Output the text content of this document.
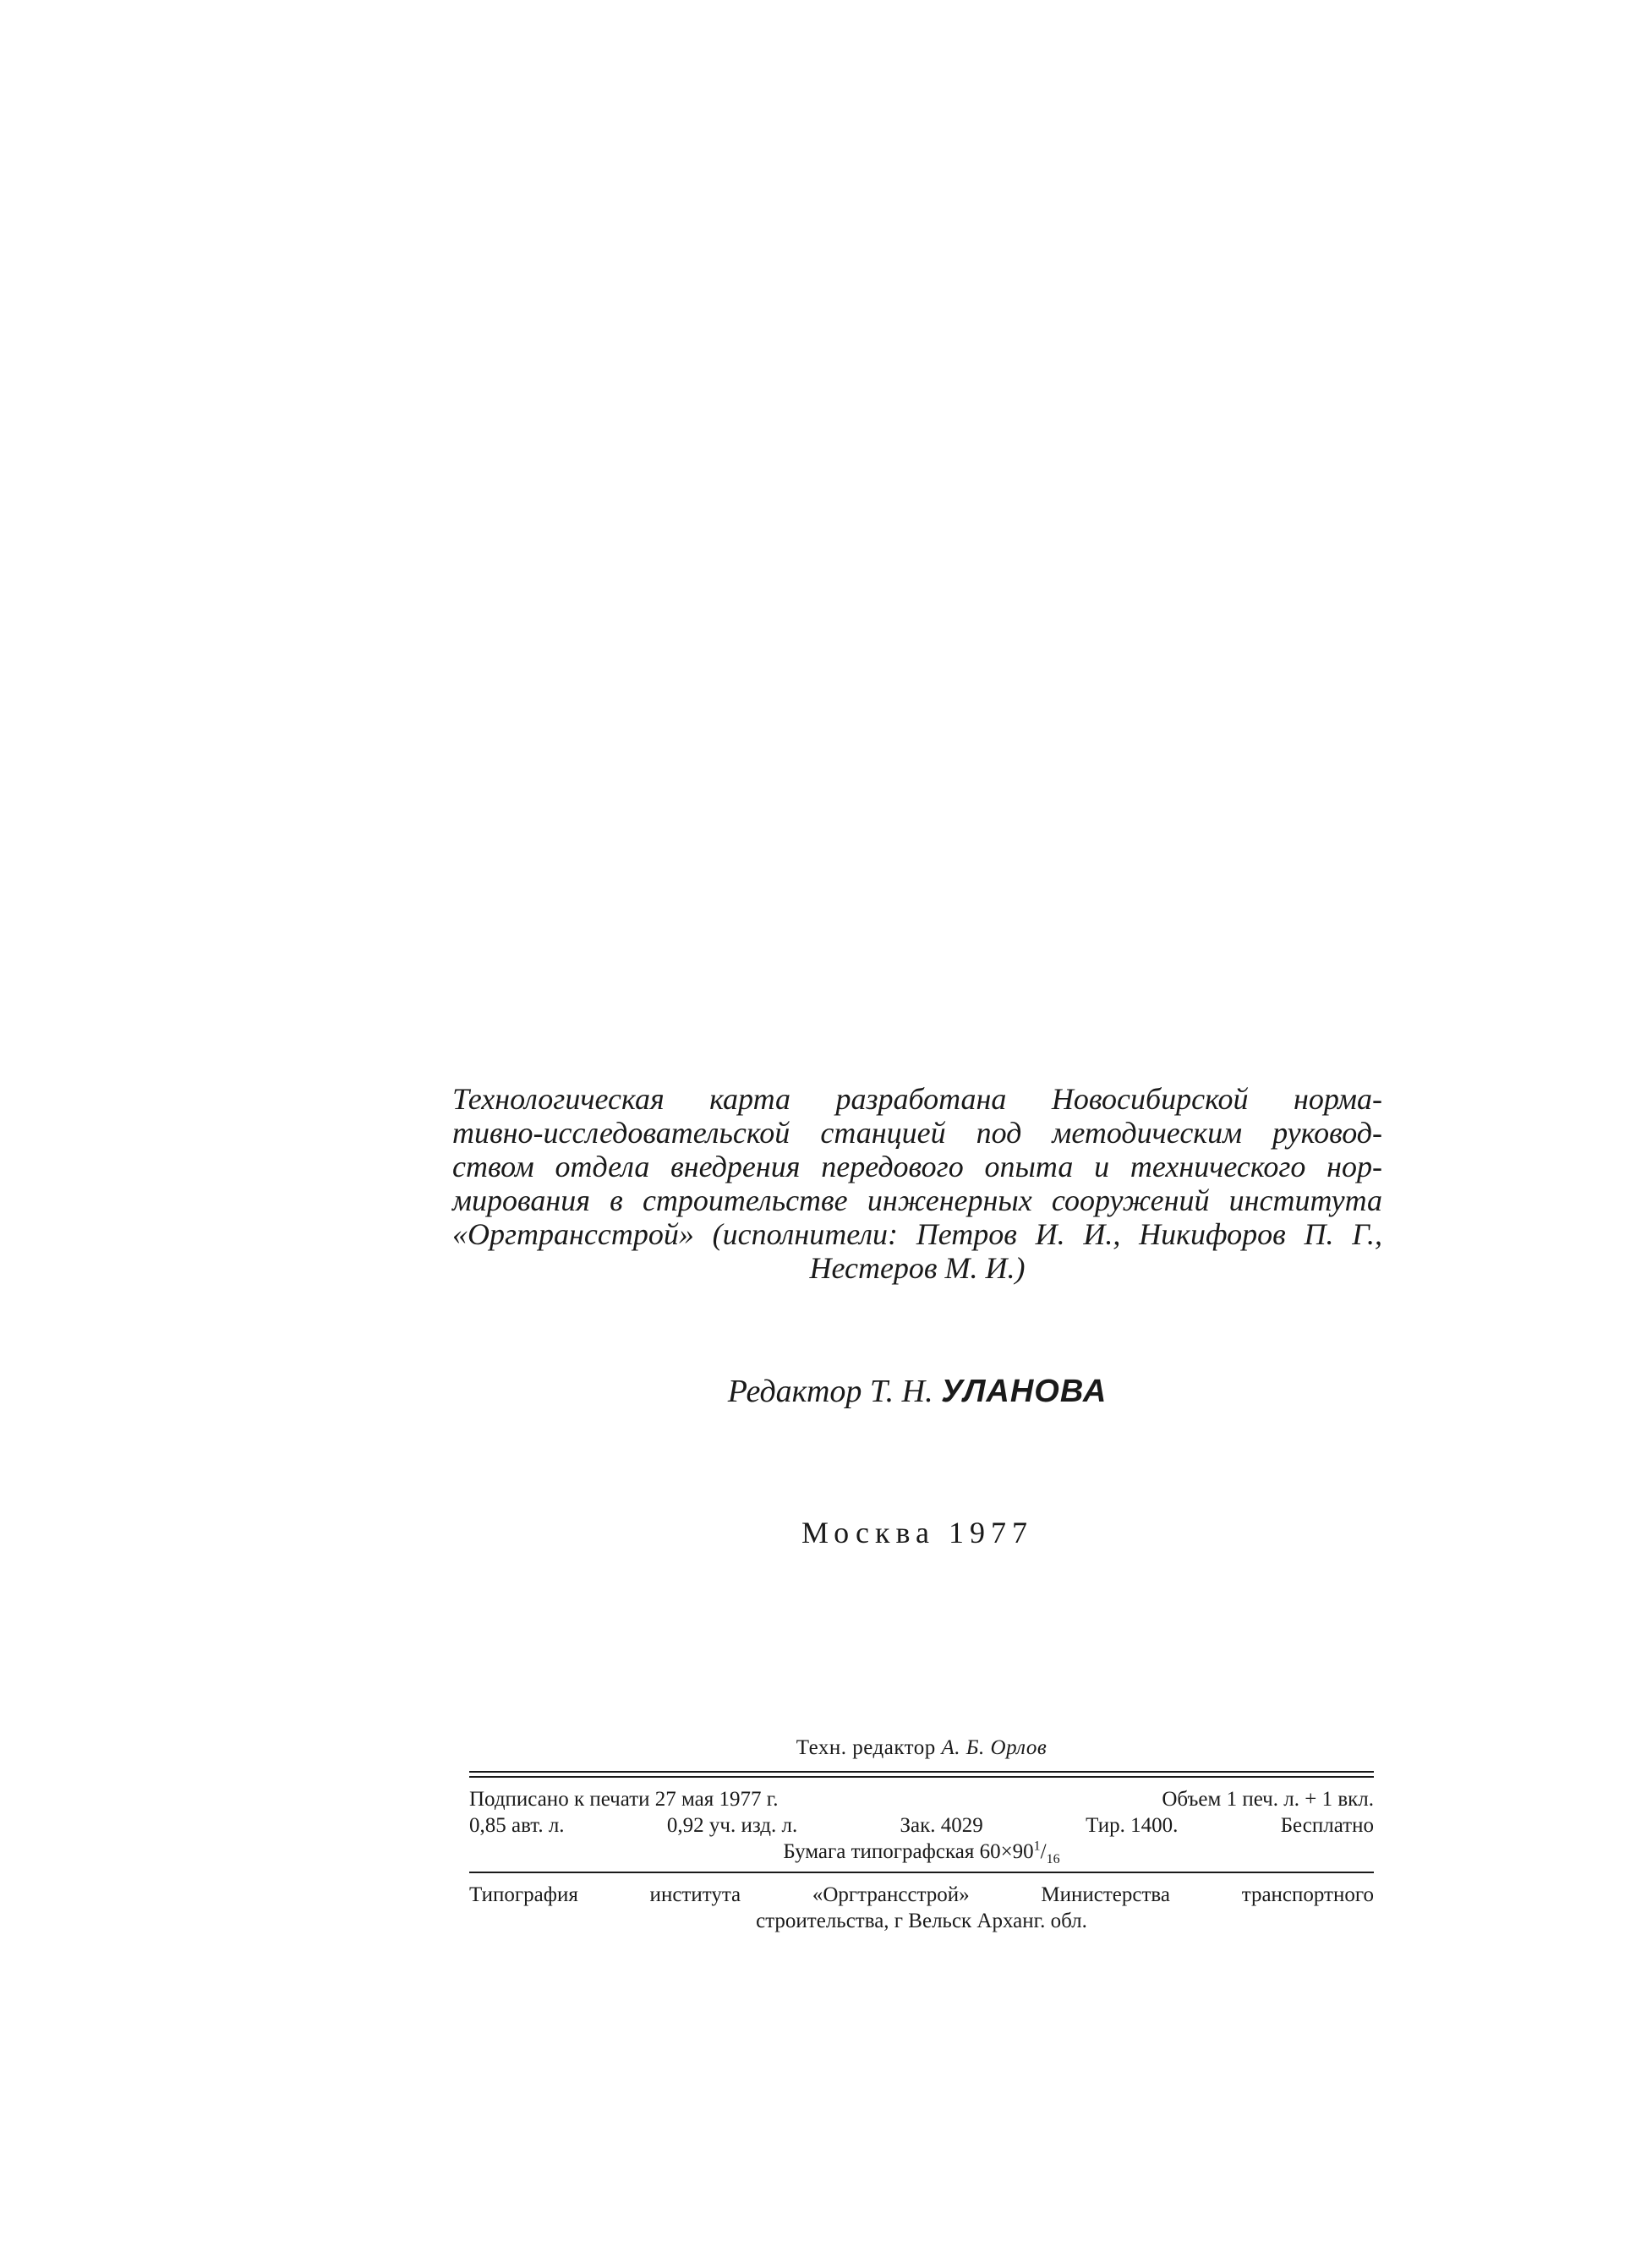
Технологическая карта разработана Новосибирской норма-
тивно-исследовательской станцией под методическим руковод-
ством отдела внедрения передового опыта и технического нор-
мирования в строительстве инженерных сооружений института
«Оргтрансстрой» (исполнители: Петров И. И., Никифоров П. Г.,
Нестеров М. И.)
Редактор Т. Н. УЛАНОВА
Москва 1977
Техн. редактор А. Б. Орлов
Подписано к печати 27 мая 1977 г.	Объем 1 печ. л. + 1 вкл.
0,85 авт. л.	0,92 уч. изд. л.	Зак. 4029	Тир. 1400.	Бесплатно
Бумага типографская $60\times 90^1/_{16}$
Типография института «Оргтрансстрой» Министерства транспортного
строительства, г Вельск Арханг. обл.
